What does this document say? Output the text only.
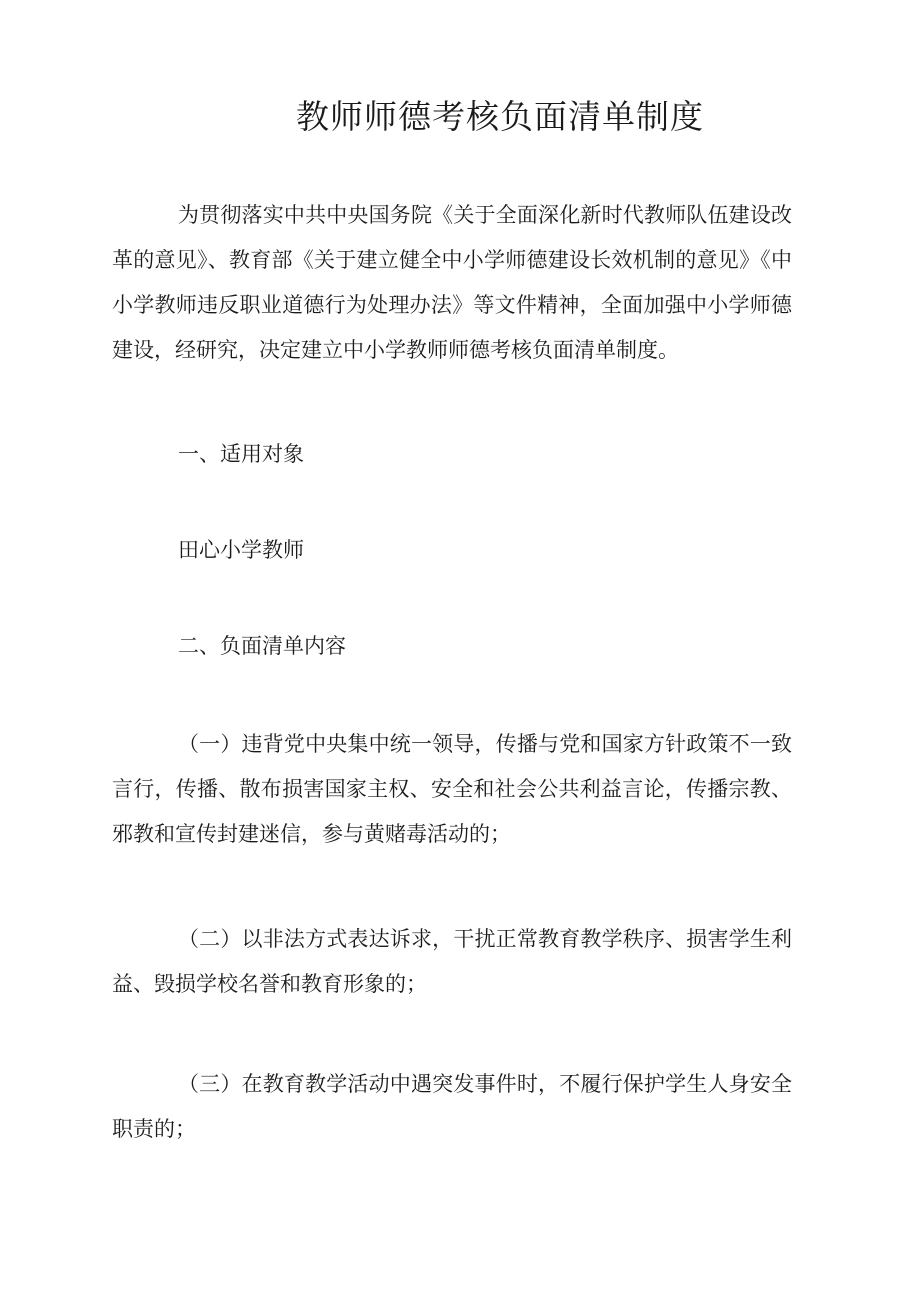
教师师德考核负面清单制度

为贯彻落实中共中央国务院《关于全面深化新时代教师队伍建设改革的意见》、教育部《关于建立健全中小学师德建设长效机制的意见》《中小学教师违反职业道德行为处理办法》等文件精神，全面加强中小学师德建设，经研究，决定建立中小学教师师德考核负面清单制度。

一、适用对象

田心小学教师

二、负面清单内容

（一）违背党中央集中统一领导，传播与党和国家方针政策不一致言行，传播、散布损害国家主权、安全和社会公共利益言论，传播宗教、邪教和宣传封建迷信，参与黄赌毒活动的；

（二）以非法方式表达诉求，干扰正常教育教学秩序、损害学生利益、毁损学校名誉和教育形象的；

（三）在教育教学活动中遇突发事件时，不履行保护学生人身安全职责的；
